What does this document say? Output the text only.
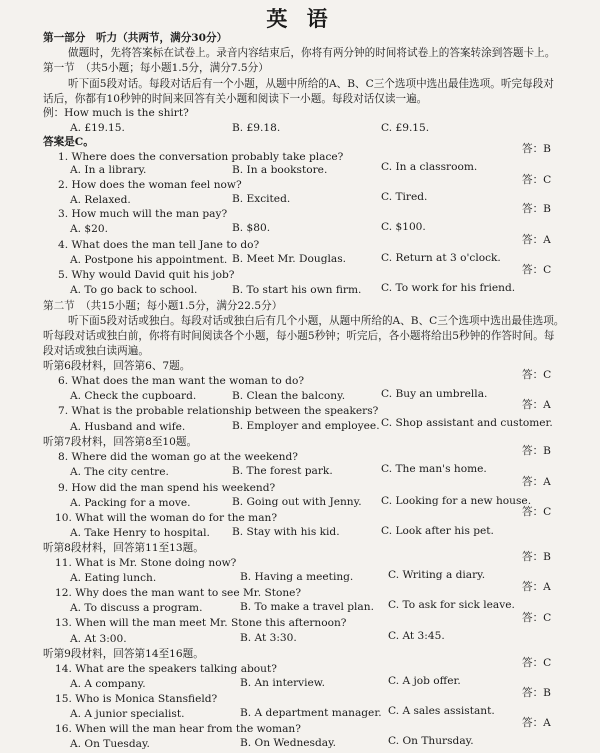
英 语
第一部分　听力（共两节，满分30分）
做题时，先将答案标在试卷上。录音内容结束后，你将有两分钟的时间将试卷上的答案转涂到答题卡上。
第一节　（共5小题；每小题1.5分，满分7.5分）
听下面5段对话。每段对话后有一个小题，从题中所给的A、B、C三个选项中选出最佳选项。听完每段对
话后，你都有10秒钟的时间来回答有关小题和阅读下一小题。每段对话仅读一遍。
例：How much is the shirt?
A. £19.15.	B. £9.18.	C. £9.15.
答案是C。
答：B
1. Where does the conversation probably take place?
A. In a library.	B. In a bookstore.	C. In a classroom.
答：C
2. How does the woman feel now?
A. Relaxed.	B. Excited.	C. Tired.
答：B
3. How much will the man pay?
A. $20.	B. $80.	C. $100.
答：A
4. What does the man tell Jane to do?
A. Postpone his appointment. B. Meet Mr. Douglas.	C. Return at 3 o'clock.
答：C
5. Why would David quit his job?
A. To go back to school.	B. To start his own firm. C. To work for his friend.
第二节　（共15小题；每小题1.5分，满分22.5分）
听下面5段对话或独白。每段对话或独白后有几个小题，从题中所给的A、B、C三个选项中选出最佳选项。
听每段对话或独白前，你将有时间阅读各个小题，每小题5秒钟；听完后，各小题将给出5秒钟的作答时间。每
段对话或独白读两遍。
听第6段材料，回答第6、7题。
答：C
6. What does the man want the woman to do?
A. Check the cupboard.	B. Clean the balcony.	C. Buy an umbrella.
答：A
7. What is the probable relationship between the speakers?
A. Husband and wife.	B. Employer and employee. C. Shop assistant and customer.
听第7段材料，回答第8至10题。
答：B
8. Where did the woman go at the weekend?
A. The city centre.	B. The forest park.	C. The man's home.
答：A
9. How did the man spend his weekend?
A. Packing for a move.	B. Going out with Jenny. C. Looking for a new house.
答：C
10. What will the woman do for the man?
A. Take Henry to hospital. B. Stay with his kid.	C. Look after his pet.
听第8段材料，回答第11至13题。
答：B
11. What is Mr. Stone doing now?
A. Eating lunch.	B. Having a meeting.	C. Writing a diary.
答：A
12. Why does the man want to see Mr. Stone?
A. To discuss a program.	B. To make a travel plan. C. To ask for sick leave.
答：C
13. When will the man meet Mr. Stone this afternoon?
A. At 3:00.	B. At 3:30.	C. At 3:45.
听第9段材料，回答第14至16题。
答：C
14. What are the speakers talking about?
A. A company.	B. An interview.	C. A job offer.
答：B
15. Who is Monica Stansfield?
A. A junior specialist.	B. A department manager. C. A sales assistant.
答：A
16. When will the man hear from the woman?
A. On Tuesday.	B. On Wednesday.	C. On Thursday.
